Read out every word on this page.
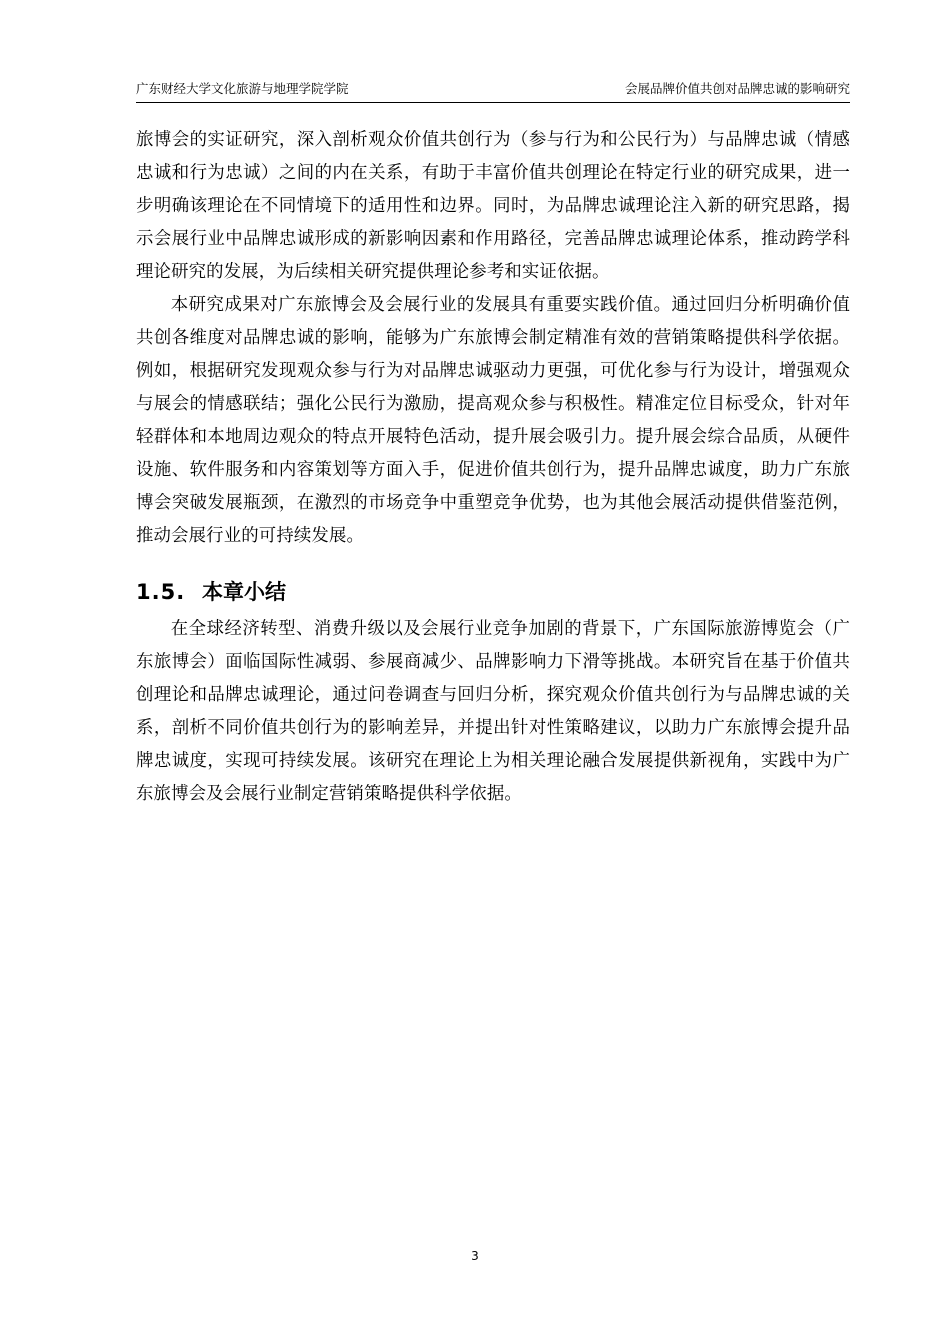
广东财经大学文化旅游与地理学院学院	会展品牌价值共创对品牌忠诚的影响研究

旅博会的实证研究，深入剖析观众价值共创行为（参与行为和公民行为）与品牌忠诚（情感忠诚和行为忠诚）之间的内在关系，有助于丰富价值共创理论在特定行业的研究成果，进一步明确该理论在不同情境下的适用性和边界。同时，为品牌忠诚理论注入新的研究思路，揭示会展行业中品牌忠诚形成的新影响因素和作用路径，完善品牌忠诚理论体系，推动跨学科理论研究的发展，为后续相关研究提供理论参考和实证依据。

本研究成果对广东旅博会及会展行业的发展具有重要实践价值。通过回归分析明确价值共创各维度对品牌忠诚的影响，能够为广东旅博会制定精准有效的营销策略提供科学依据。例如，根据研究发现观众参与行为对品牌忠诚驱动力更强，可优化参与行为设计，增强观众与展会的情感联结；强化公民行为激励，提高观众参与积极性。精准定位目标受众，针对年轻群体和本地周边观众的特点开展特色活动，提升展会吸引力。提升展会综合品质，从硬件设施、软件服务和内容策划等方面入手，促进价值共创行为，提升品牌忠诚度，助力广东旅博会突破发展瓶颈，在激烈的市场竞争中重塑竞争优势，也为其他会展活动提供借鉴范例，推动会展行业的可持续发展。

1.5. 本章小结

在全球经济转型、消费升级以及会展行业竞争加剧的背景下，广东国际旅游博览会（广东旅博会）面临国际性减弱、参展商减少、品牌影响力下滑等挑战。本研究旨在基于价值共创理论和品牌忠诚理论，通过问卷调查与回归分析，探究观众价值共创行为与品牌忠诚的关系，剖析不同价值共创行为的影响差异，并提出针对性策略建议，以助力广东旅博会提升品牌忠诚度，实现可持续发展。该研究在理论上为相关理论融合发展提供新视角，实践中为广东旅博会及会展行业制定营销策略提供科学依据。

3
